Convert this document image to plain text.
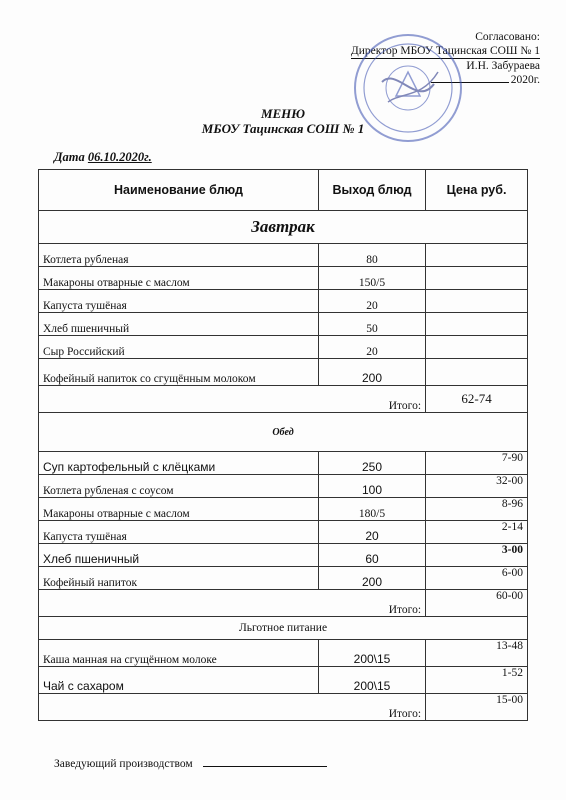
Согласовано:
Директор МБОУ Тацинская СОШ № 1
И.Н. Забураева
2020г.
МЕНЮ
МБОУ Тацинская СОШ № 1
Дата 06.10.2020г.
Наименование блюд	Выход блюд	Цена руб.
Завтрак		
Котлета рубленая	80	
Макароны отварные с маслом	150/5	
Капуста тушёная	20	
Хлеб пшеничный	50	
Сыр Российский	20	
Кофейный напиток со сгущённым молоком	200	
Итого:		62-74
Обед		
Суп картофельный с клёцками	250	7-90
Котлета рубленая с соусом	100	32-00
Макароны отварные с маслом	180/5	8-96
Капуста тушёная	20	2-14
Хлеб пшеничный	60	3-00
Кофейный напиток	200	6-00
Итого:		60-00
Льготное питание		
Каша манная на сгущённом молоке	200\15	13-48
Чай с сахаром	200\15	1-52
Итого:		15-00
Заведующий производством
